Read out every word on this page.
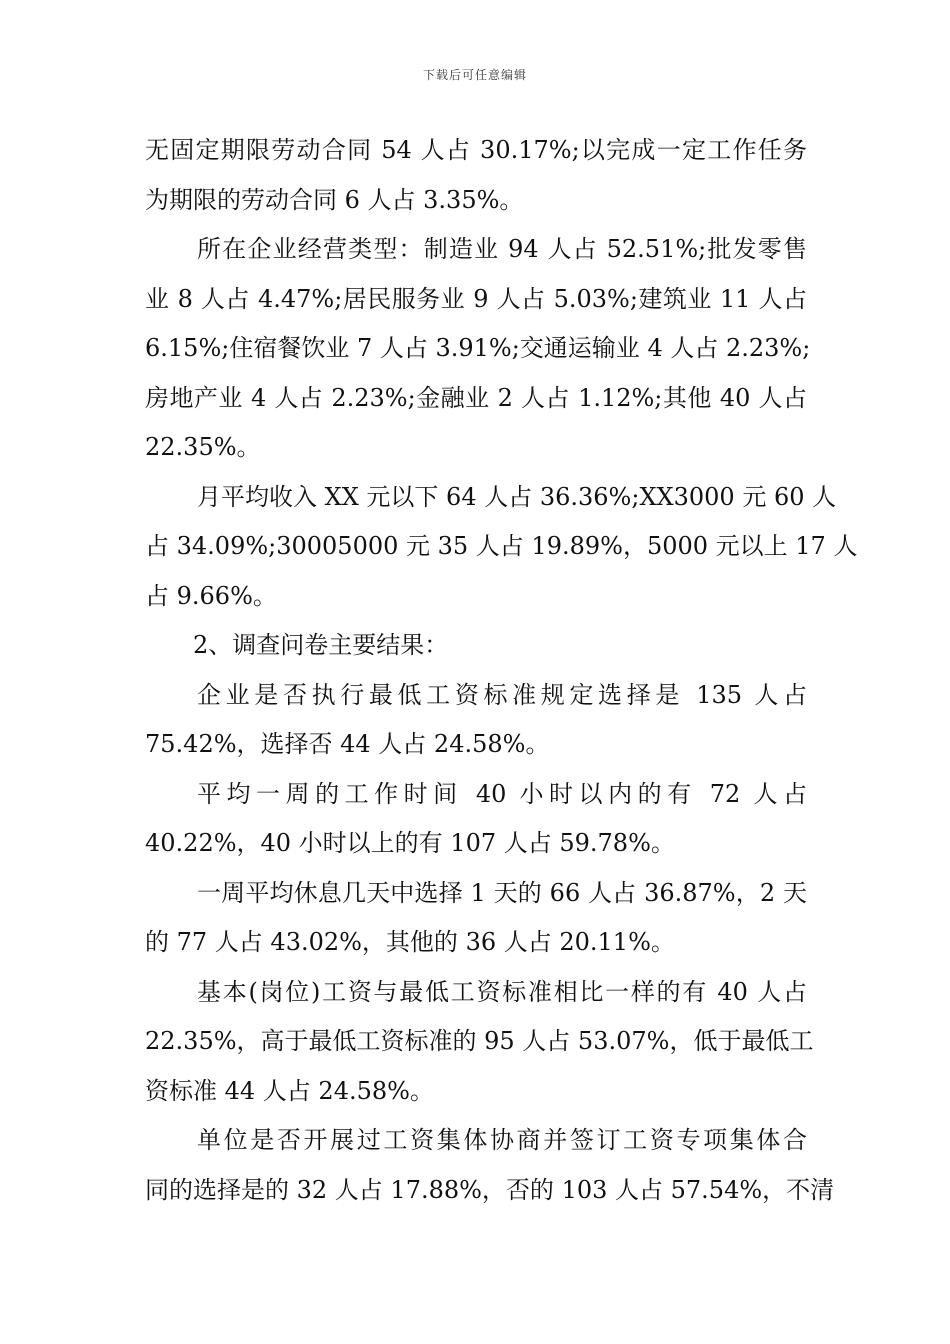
下载后可任意编辑
无固定期限劳动合同 54 人占 30.17%;以完成一定工作任务
为期限的劳动合同 6 人占 3.35%。
所在企业经营类型：制造业 94 人占 52.51%;批发零售
业 8 人占 4.47%;居民服务业 9 人占 5.03%;建筑业 11 人占
6.15%;住宿餐饮业 7 人占 3.91%;交通运输业 4 人占 2.23%;
房地产业 4 人占 2.23%;金融业 2 人占 1.12%;其他 40 人占
22.35%。
月平均收入 XX 元以下 64 人占 36.36%;XX3000 元 60 人
占 34.09%;30005000 元 35 人占 19.89%，5000 元以上 17 人
占 9.66%。
2、调查问卷主要结果：
企业是否执行最低工资标准规定选择是 135 人占
75.42%，选择否 44 人占 24.58%。
平均一周的工作时间 40 小时以内的有 72 人占
40.22%，40 小时以上的有 107 人占 59.78%。
一周平均休息几天中选择 1 天的 66 人占 36.87%，2 天
的 77 人占 43.02%，其他的 36 人占 20.11%。
基本(岗位)工资与最低工资标准相比一样的有 40 人占
22.35%，高于最低工资标准的 95 人占 53.07%，低于最低工
资标准 44 人占 24.58%。
单位是否开展过工资集体协商并签订工资专项集体合
同的选择是的 32 人占 17.88%，否的 103 人占 57.54%，不清
